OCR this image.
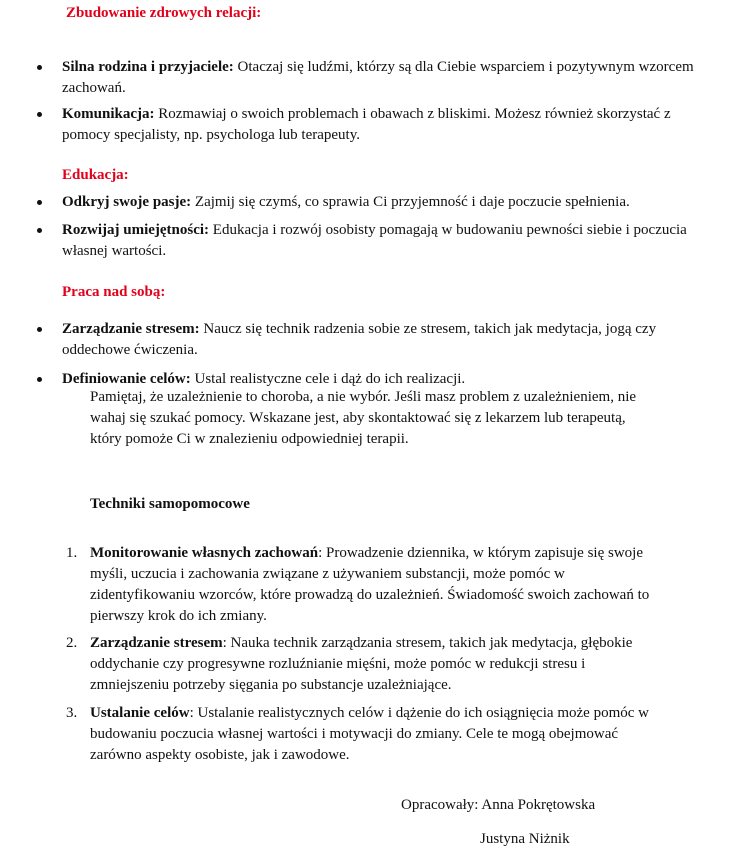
Zbudowanie zdrowych relacji:
Silna rodzina i przyjaciele: Otaczaj się ludźmi, którzy są dla Ciebie wsparciem i pozytywnym wzorcem zachowań.
Komunikacja: Rozmawiaj o swoich problemach i obawach z bliskimi. Możesz również skorzystać z pomocy specjalisty, np. psychologa lub terapeuty.
Edukacja:
Odkryj swoje pasje: Zajmij się czymś, co sprawia Ci przyjemność i daje poczucie spełnienia.
Rozwijaj umiejętności: Edukacja i rozwój osobisty pomagają w budowaniu pewności siebie i poczucia własnej wartości.
Praca nad sobą:
Zarządzanie stresem: Naucz się technik radzenia sobie ze stresem, takich jak medytacja, jogą czy oddechowe ćwiczenia.
Definiowanie celów: Ustal realistyczne cele i dąż do ich realizacji.
Pamiętaj, że uzależnienie to choroba, a nie wybór. Jeśli masz problem z uzależnieniem, nie wahaj się szukać pomocy. Wskazane jest, aby skontaktować się z lekarzem lub terapeutą, który pomoże Ci w znalezieniu odpowiedniej terapii.
Techniki samopomocowe
1. Monitorowanie własnych zachowań: Prowadzenie dziennika, w którym zapisuje się swoje myśli, uczucia i zachowania związane z używaniem substancji, może pomóc w zidentyfikowaniu wzorców, które prowadzą do uzależnień. Świadomość swoich zachowań to pierwszy krok do ich zmiany.
2. Zarządzanie stresem: Nauka technik zarządzania stresem, takich jak medytacja, głębokie oddychanie czy progresywne rozluźnianie mięśni, może pomóc w redukcji stresu i zmniejszeniu potrzeby sięgania po substancje uzależniające.
3. Ustalanie celów: Ustalanie realistycznych celów i dążenie do ich osiągnięcia może pomóc w budowaniu poczucia własnej wartości i motywacji do zmiany. Cele te mogą obejmować zarówno aspekty osobiste, jak i zawodowe.
Opracowały: Anna Pokrętowska
Justyna Niżnik
